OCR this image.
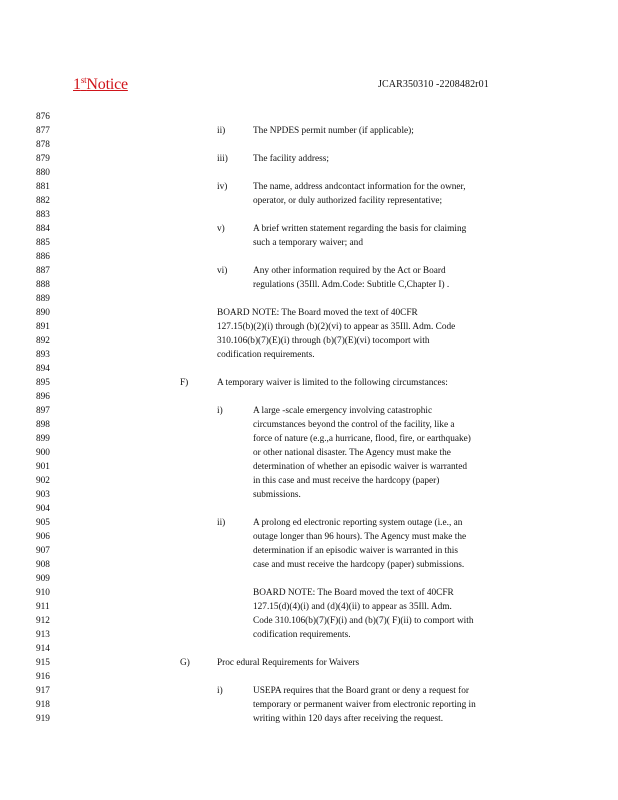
1stNotice	JCAR350310 -2208482r01
876
877
878
879
880
881
882
883
884
885
886
887
888
889
890
891
892
893
894
895
896
897
898
899
900
901
902
903
904
905
906
907
908
909
910
911
912
913
914
915
916
917
918
919
ii)	The NPDES permit number (if applicable);
iii)	The facility address;
iv)	The name, address andcontact information for the owner,
operator, or duly authorized facility representative;
v)	A brief written statement regarding the basis for claiming
such a temporary waiver; and
vi)	Any other information required by the Act or Board
regulations (35Ill. Adm.Code: Subtitle C,Chapter I) .
BOARD NOTE: The Board moved the text of 40CFR
127.15(b)(2)(i) through (b)(2)(vi) to appear as 35Ill. Adm. Code
310.106(b)(7)(E)(i) through (b)(7)(E)(vi) tocomport with
codification requirements.
F)	A temporary waiver is limited to the following circumstances:
i)	A large -scale emergency involving catastrophic
circumstances beyond the control of the facility, like a
force of nature (e.g.,a hurricane, flood, fire, or earthquake)
or other national disaster. The Agency must make the
determination of whether an episodic waiver is warranted
in this case and must receive the hardcopy (paper)
submissions.
ii)	A prolong ed electronic reporting system outage (i.e., an
outage longer than 96 hours). The Agency must make the
determination if an episodic waiver is warranted in this
case and must receive the hardcopy (paper) submissions.
BOARD NOTE: The Board moved the text of 40CFR
127.15(d)(4)(i) and (d)(4)(ii) to appear as 35Ill. Adm.
Code 310.106(b)(7)(F)(i) and (b)(7)( F)(ii) to comport with
codification requirements.
G)	Proc edural Requirements for Waivers
i)	USEPA requires that the Board grant or deny a request for
temporary or permanent waiver from electronic reporting in
writing within 120 days after receiving the request.
